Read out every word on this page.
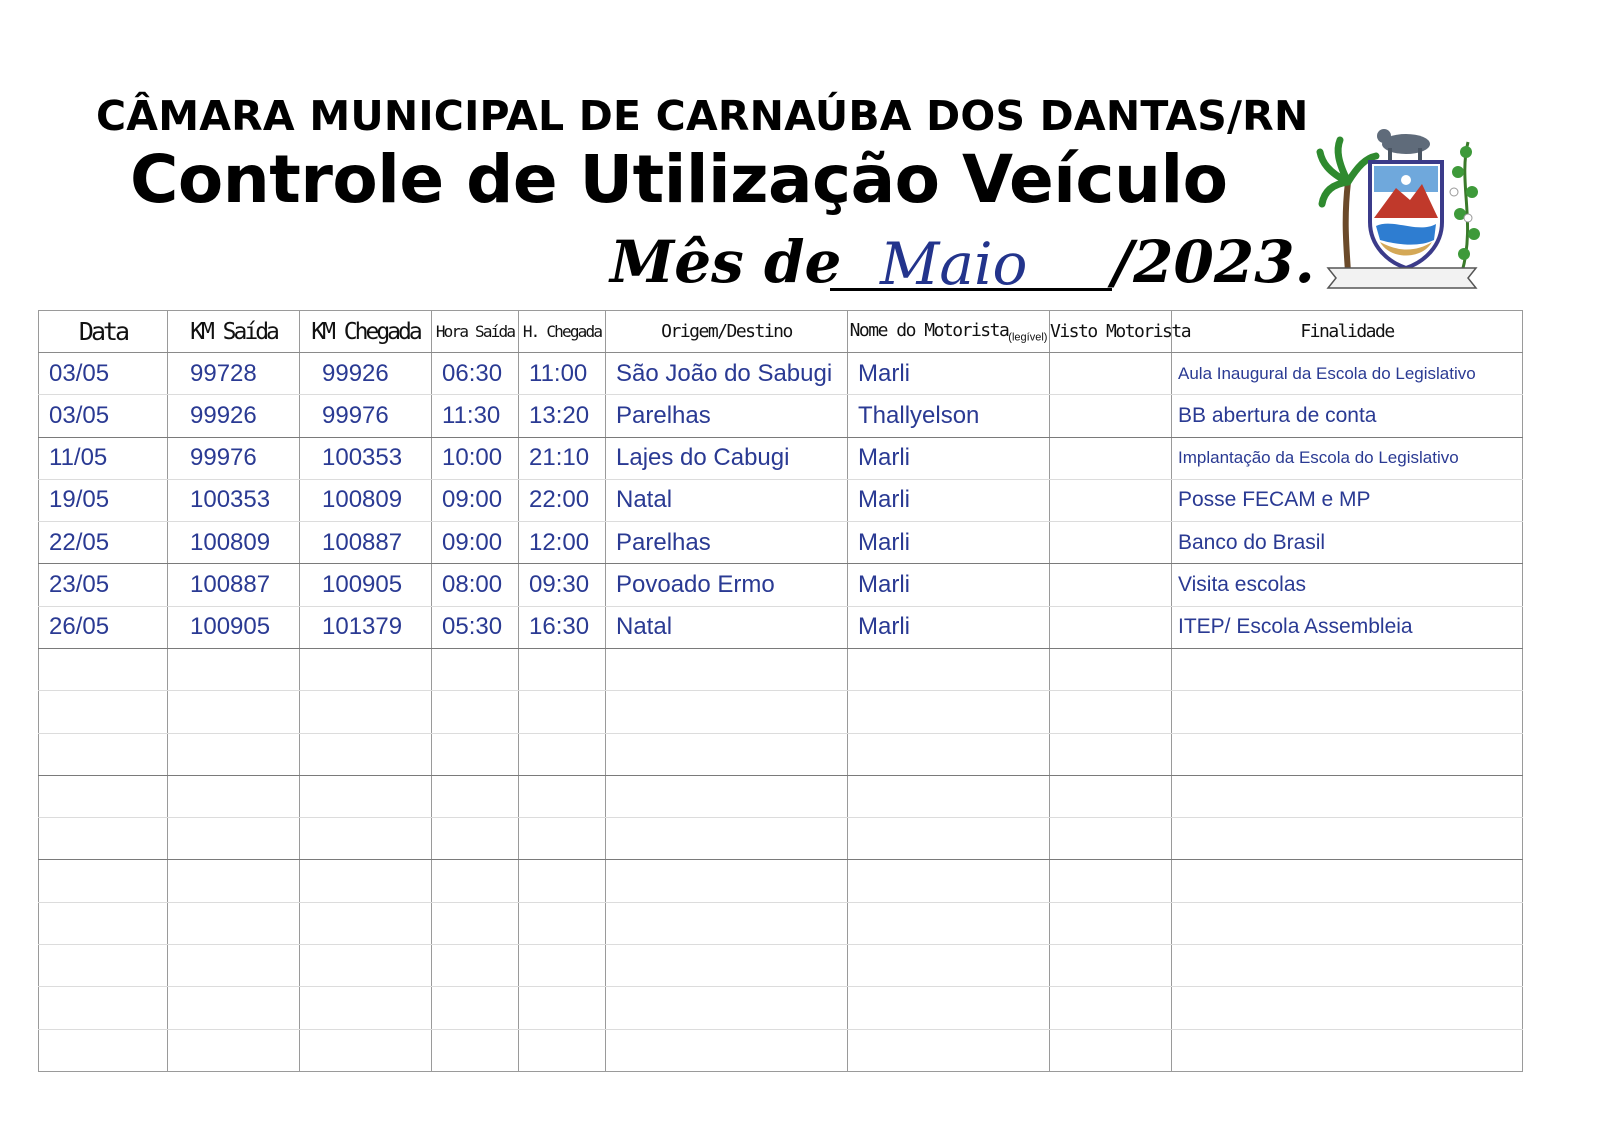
CÂMARA MUNICIPAL DE CARNAÚBA DOS DANTAS/RN
Controle de Utilização Veículo
Mês de Maio /2023.
Data	KM Saída	KM Chegada	Hora Saída	H. Chegada	Origem/Destino	Nome do Motorista$_{(legível)}$	Visto Motorista	Finalidade
03/05	99728	99926	06:30	11:00	São João do Sabugi	Marli		Aula Inaugural da Escola do Legislativo
03/05	99926	99976	11:30	13:20	Parelhas	Thallyelson		BB abertura de conta
11/05	99976	100353	10:00	21:10	Lajes do Cabugi	Marli		Implantação da Escola do Legislativo
19/05	100353	100809	09:00	22:00	Natal	Marli		Posse FECAM e MP
22/05	100809	100887	09:00	12:00	Parelhas	Marli		Banco do Brasil
23/05	100887	100905	08:00	09:30	Povoado Ermo	Marli		Visita escolas
26/05	100905	101379	05:30	16:30	Natal	Marli		ITEP/ Escola Assembleia
